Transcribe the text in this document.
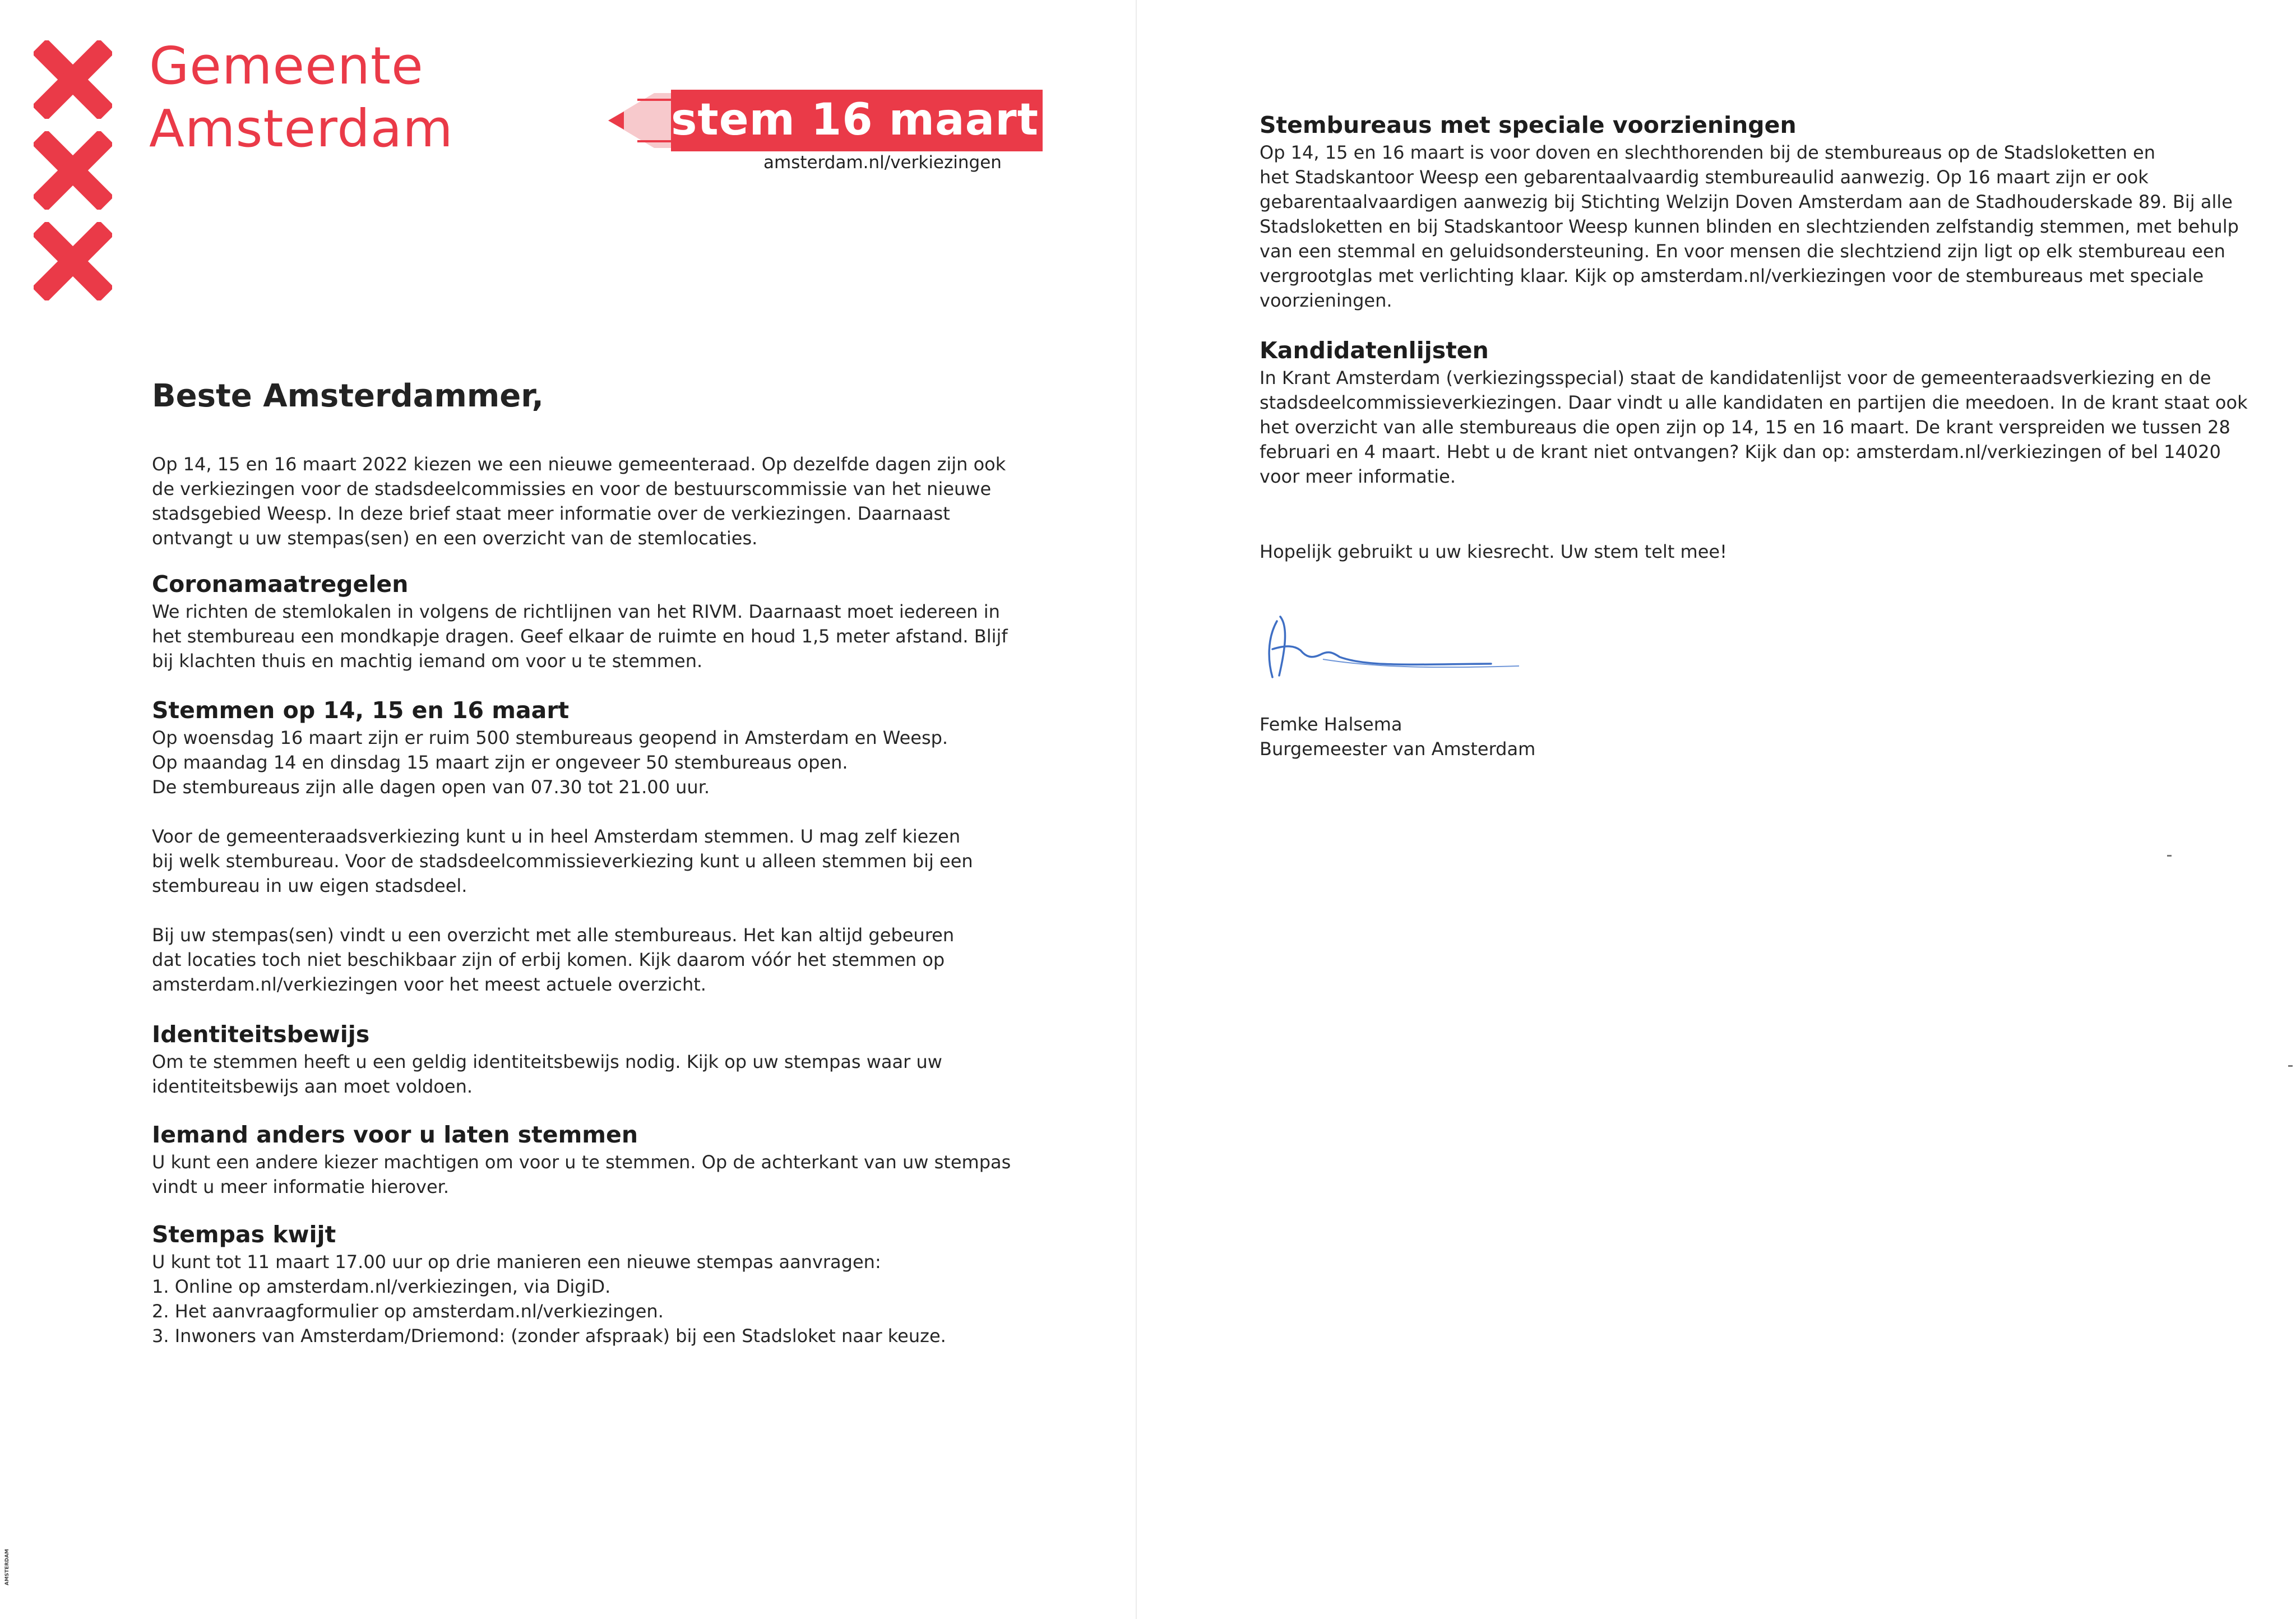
Gemeente
Amsterdam	stem 16 maart
amsterdam.nl/verkiezingen
Beste Amsterdammer,

Op 14, 15 en 16 maart 2022 kiezen we een nieuwe gemeenteraad. Op dezelfde dagen zijn ook

de verkiezingen voor de stadsdeelcommissies en voor de bestuurscommissie van het nieuwe

stadsgebied Weesp. In deze brief staat meer informatie over de verkiezingen. Daarnaast

ontvangt u uw stempas(sen) en een overzicht van de stemlocaties.

Coronamaatregelen

We richten de stemlokalen in volgens de richtlijnen van het RIVM. Daarnaast moet iedereen in

het stembureau een mondkapje dragen. Geef elkaar de ruimte en houd 1,5 meter afstand. Blijf

bij klachten thuis en machtig iemand om voor u te stemmen.

Stemmen op 14, 15 en 16 maart

Op woensdag 16 maart zijn er ruim 500 stembureaus geopend in Amsterdam en Weesp.

Op maandag 14 en dinsdag 15 maart zijn er ongeveer 50 stembureaus open.

De stembureaus zijn alle dagen open van 07.30 tot 21.00 uur.

Voor de gemeenteraadsverkiezing kunt u in heel Amsterdam stemmen. U mag zelf kiezen

bij welk stembureau. Voor de stadsdeelcommissieverkiezing kunt u alleen stemmen bij een

stembureau in uw eigen stadsdeel.

Bij uw stempas(sen) vindt u een overzicht met alle stembureaus. Het kan altijd gebeuren

dat locaties toch niet beschikbaar zijn of erbij komen. Kijk daarom vóór het stemmen op

amsterdam.nl/verkiezingen voor het meest actuele overzicht.

Identiteitsbewijs

Om te stemmen heeft u een geldig identiteitsbewijs nodig. Kijk op uw stempas waar uw

identiteitsbewijs aan moet voldoen.

Iemand anders voor u laten stemmen

U kunt een andere kiezer machtigen om voor u te stemmen. Op de achterkant van uw stempas

vindt u meer informatie hierover.

Stempas kwijt

U kunt tot 11 maart 17.00 uur op drie manieren een nieuwe stempas aanvragen:

1. Online op amsterdam.nl/verkiezingen, via DigiD.

2. Het aanvraagformulier op amsterdam.nl/verkiezingen.

3. Inwoners van Amsterdam/Driemond: (zonder afspraak) bij een Stadsloket naar keuze.

Stembureaus met speciale voorzieningen

Op 14, 15 en 16 maart is voor doven en slechthorenden bij de stembureaus op de Stadsloketten en

het Stadskantoor Weesp een gebarentaalvaardig stembureaulid aanwezig. Op 16 maart zijn er ook

gebarentaalvaardigen aanwezig bij Stichting Welzijn Doven Amsterdam aan de Stadhouderskade 89. Bij alle

Stadsloketten en bij Stadskantoor Weesp kunnen blinden en slechtzienden zelfstandig stemmen, met behulp

van een stemmal en geluidsondersteuning. En voor mensen die slechtziend zijn ligt op elk stembureau een

vergrootglas met verlichting klaar. Kijk op amsterdam.nl/verkiezingen voor de stembureaus met speciale

voorzieningen.

Kandidatenlijsten

In Krant Amsterdam (verkiezingsspecial) staat de kandidatenlijst voor de gemeenteraadsverkiezing en de

stadsdeelcommissieverkiezingen. Daar vindt u alle kandidaten en partijen die meedoen. In de krant staat ook

het overzicht van alle stembureaus die open zijn op 14, 15 en 16 maart. De krant verspreiden we tussen 28

februari en 4 maart. Hebt u de krant niet ontvangen? Kijk dan op: amsterdam.nl/verkiezingen of bel 14020

voor meer informatie.

Hopelijk gebruikt u uw kiesrecht. Uw stem telt mee!

Femke Halsema

Burgemeester van Amsterdam

AMSTERDAM
